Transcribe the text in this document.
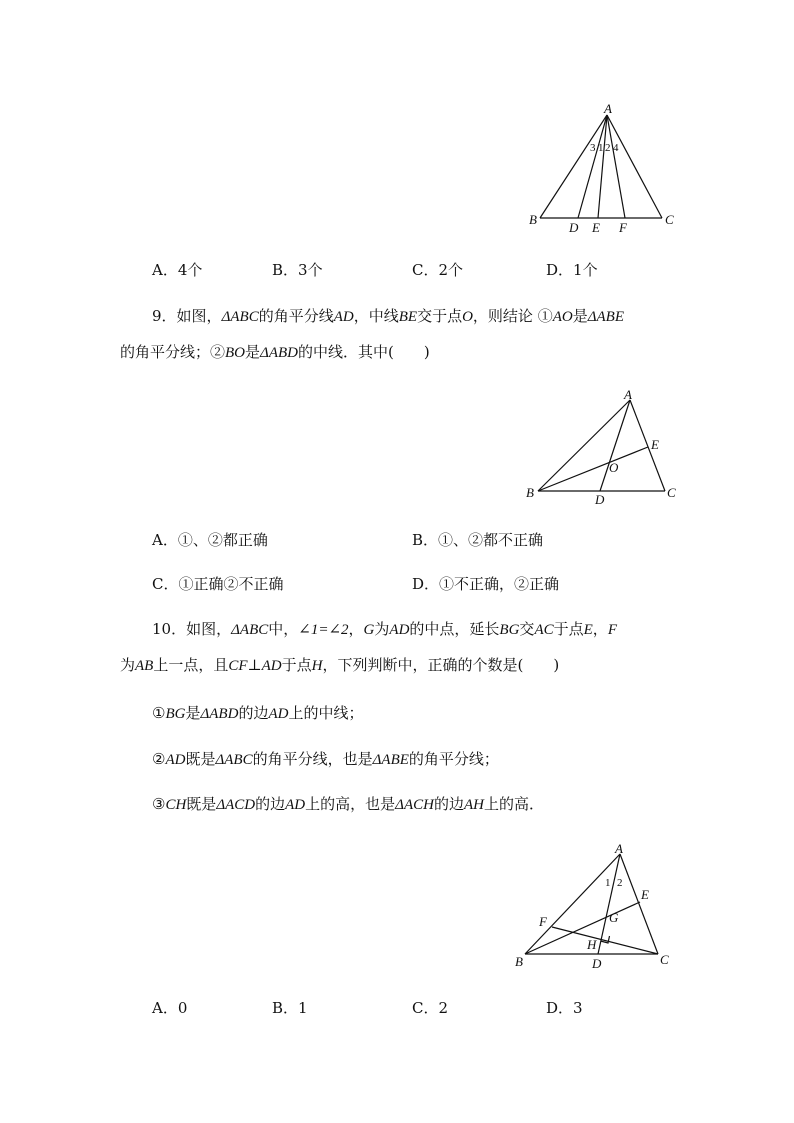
A
B	C
D E F
3 1 2 4
A．4个	B．3个	C．2个	D．1个
9．如图，ΔABC的角平分线AD，中线BE交于点O，则结论 ①AO是ΔABE
的角平分线；②BO是ΔABD的中线．其中(　　)
A
B	C
D
E
O
A．①、②都正确	B．①、②都不正确
C．①正确②不正确	D．①不正确，②正确
10．如图，ΔABC中，∠1=∠2，G为AD的中点，延长BG交AC于点E，F
为AB上一点，且CF⊥AD于点H，下列判断中，正确的个数是(　　)
①BG是ΔABD的边AD上的中线；
②AD既是ΔABC的角平分线，也是ΔABE的角平分线；
③CH既是ΔACD的边AD上的高，也是ΔACH的边AH上的高．
A
B	C
D
E
F	G
H
1 2
A．0	B．1	C．2	D．3
